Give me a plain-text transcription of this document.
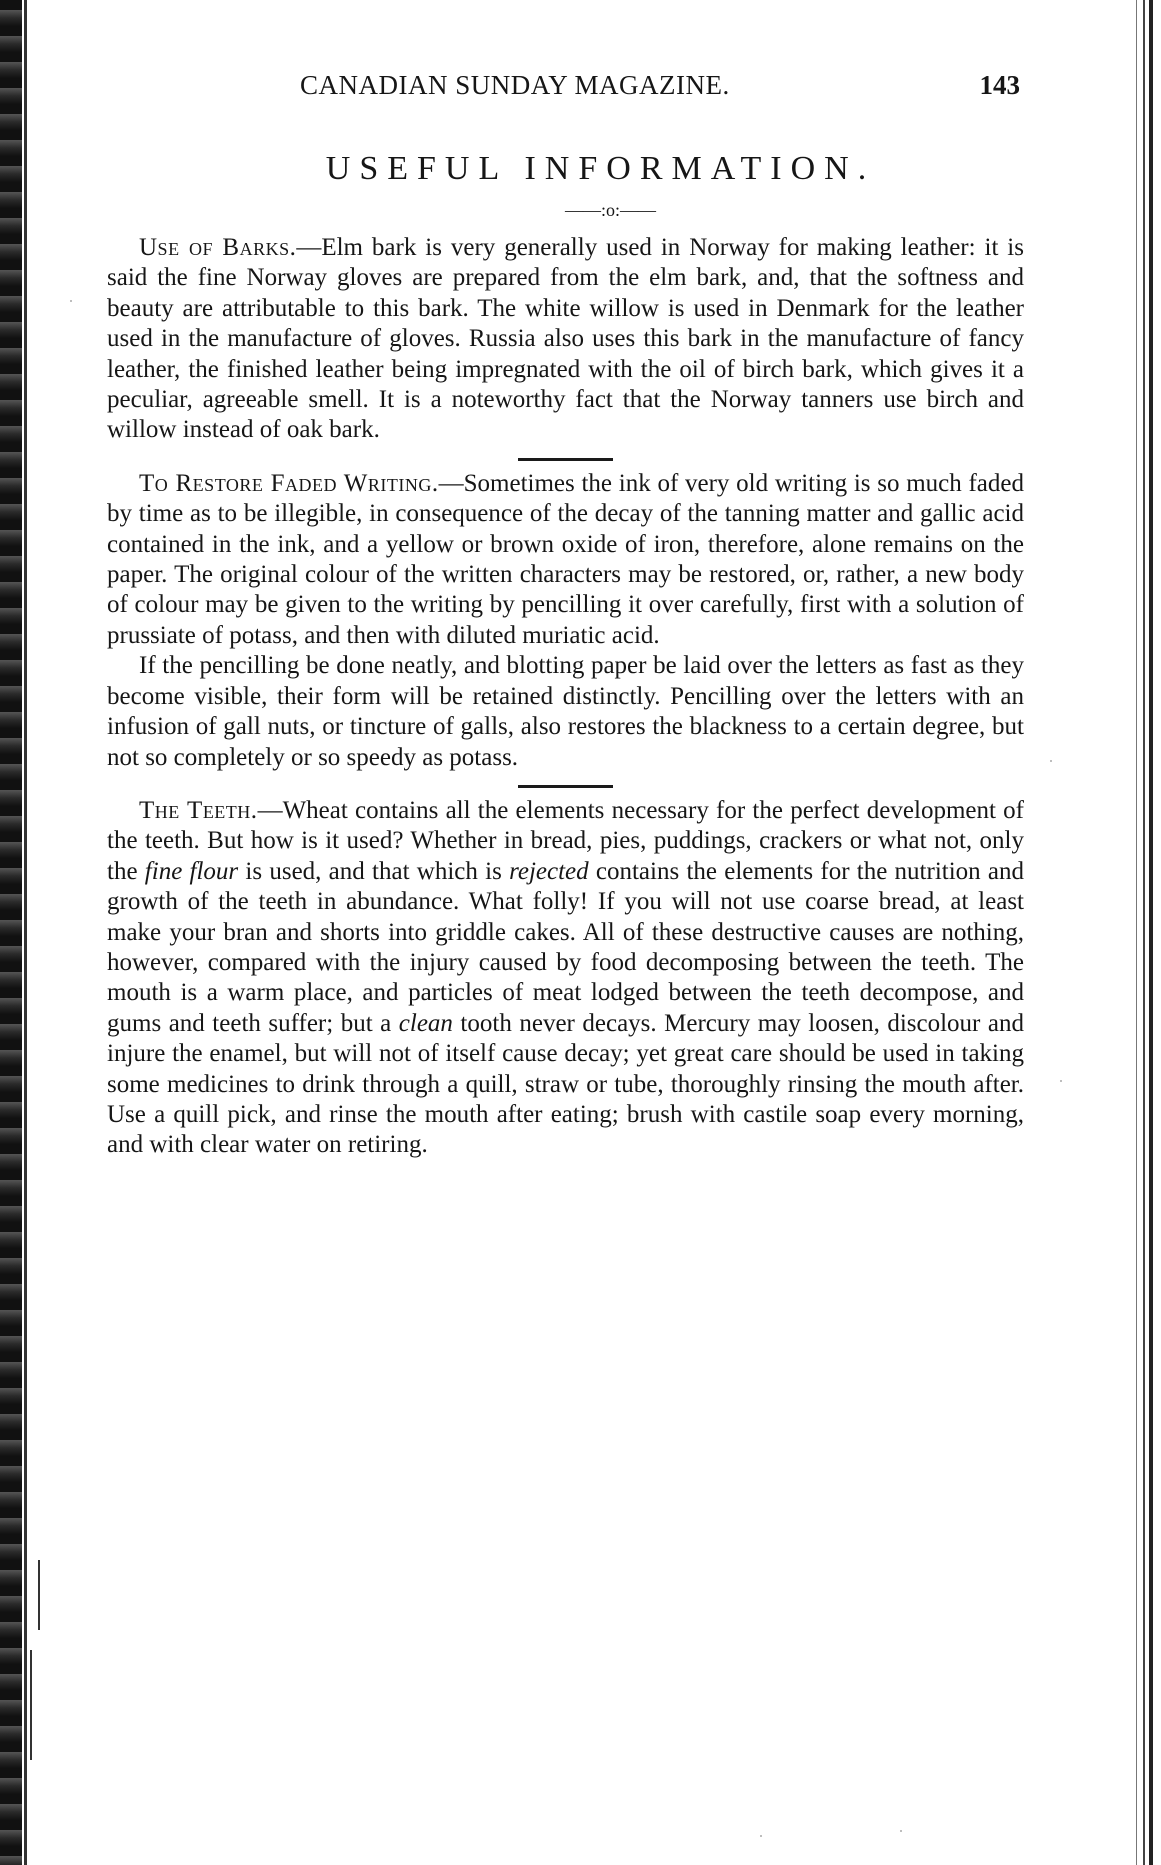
CANADIAN SUNDAY MAGAZINE.	143
USEFUL INFORMATION.
——:o:——

Use of Barks.—Elm bark is very generally used in Norway for making leather: it is said the fine Norway gloves are prepared from the elm bark, and, that the softness and beauty are attributable to this bark. The white willow is used in Denmark for the leather used in the manufacture of gloves. Russia also uses this bark in the manufacture of fancy leather, the finished leather being impregnated with the oil of birch bark, which gives it a peculiar, agreeable smell. It is a noteworthy fact that the Norway tanners use birch and willow instead of oak bark.

To Restore Faded Writing.—Sometimes the ink of very old writing is so much faded by time as to be illegible, in consequence of the decay of the tanning matter and gallic acid contained in the ink, and a yellow or brown oxide of iron, therefore, alone remains on the paper. The original colour of the written characters may be restored, or, rather, a new body of colour may be given to the writing by pencilling it over carefully, first with a solution of prussiate of potass, and then with diluted muriatic acid.

If the pencilling be done neatly, and blotting paper be laid over the letters as fast as they become visible, their form will be retained distinctly. Pencilling over the letters with an infusion of gall nuts, or tincture of galls, also restores the blackness to a certain degree, but not so completely or so speedy as potass.

The Teeth.—Wheat contains all the elements necessary for the perfect development of the teeth. But how is it used? Whether in bread, pies, puddings, crackers or what not, only the fine flour is used, and that which is rejected contains the elements for the nutrition and growth of the teeth in abundance. What folly! If you will not use coarse bread, at least make your bran and shorts into griddle cakes. All of these destructive causes are nothing, however, compared with the injury caused by food decomposing between the teeth. The mouth is a warm place, and particles of meat lodged between the teeth decompose, and gums and teeth suffer; but a clean tooth never decays. Mercury may loosen, discolour and injure the enamel, but will not of itself cause decay; yet great care should be used in taking some medicines to drink through a quill, straw or tube, thoroughly rinsing the mouth after. Use a quill pick, and rinse the mouth after eating; brush with castile soap every morning, and with clear water on retiring.
